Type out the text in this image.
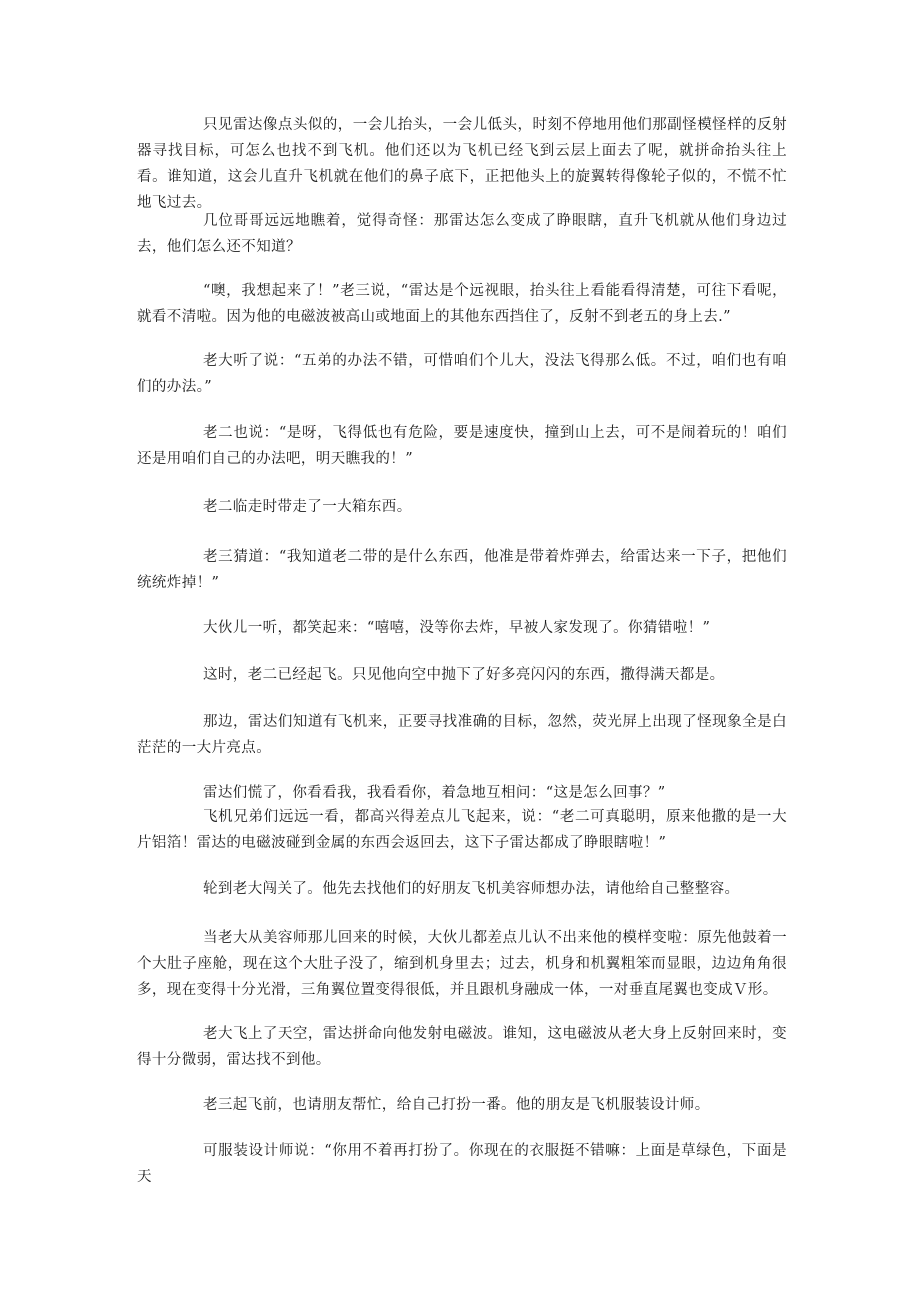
只见雷达像点头似的，一会儿抬头，一会儿低头，时刻不停地用他们那副怪模怪样的反射器寻找目标，可怎么也找不到飞机。他们还以为飞机已经飞到云层上面去了呢，就拼命抬头往上看。谁知道，这会儿直升飞机就在他们的鼻子底下，正把他头上的旋翼转得像轮子似的，不慌不忙地飞过去。

几位哥哥远远地瞧着，觉得奇怪：那雷达怎么变成了睁眼瞎，直升飞机就从他们身边过去，他们怎么还不知道？

“噢，我想起来了！”老三说，“雷达是个远视眼，抬头往上看能看得清楚，可往下看呢，就看不清啦。因为他的电磁波被高山或地面上的其他东西挡住了，反射不到老五的身上去.”

老大听了说：“五弟的办法不错，可惜咱们个儿大，没法飞得那么低。不过，咱们也有咱们的办法。”

老二也说：“是呀，飞得低也有危险，要是速度快，撞到山上去，可不是闹着玩的！咱们还是用咱们自己的办法吧，明天瞧我的！”

老二临走时带走了一大箱东西。

老三猜道：“我知道老二带的是什么东西，他准是带着炸弹去，给雷达来一下子，把他们统统炸掉！”

大伙儿一听，都笑起来：“嘻嘻，没等你去炸，早被人家发现了。你猜错啦！”

这时，老二已经起飞。只见他向空中抛下了好多亮闪闪的东西，撒得满天都是。

那边，雷达们知道有飞机来，正要寻找准确的目标，忽然，荧光屏上出现了怪现象全是白茫茫的一大片亮点。

雷达们慌了，你看看我，我看看你，着急地互相问：“这是怎么回事？”

飞机兄弟们远远一看，都高兴得差点儿飞起来，说：“老二可真聪明，原来他撒的是一大片铝箔！雷达的电磁波碰到金属的东西会返回去，这下子雷达都成了睁眼瞎啦！”

轮到老大闯关了。他先去找他们的好朋友飞机美容师想办法，请他给自己整整容。

当老大从美容师那儿回来的时候，大伙儿都差点儿认不出来他的模样变啦：原先他鼓着一个大肚子座舱，现在这个大肚子没了，缩到机身里去；过去，机身和机翼粗笨而显眼，边边角角很多，现在变得十分光滑，三角翼位置变得很低，并且跟机身融成一体，一对垂直尾翼也变成Ｖ形。

老大飞上了天空，雷达拼命向他发射电磁波。谁知，这电磁波从老大身上反射回来时，变得十分微弱，雷达找不到他。

老三起飞前，也请朋友帮忙，给自己打扮一番。他的朋友是飞机服装设计师。

可服装设计师说：“你用不着再打扮了。你现在的衣服挺不错嘛：上面是草绿色，下面是天
